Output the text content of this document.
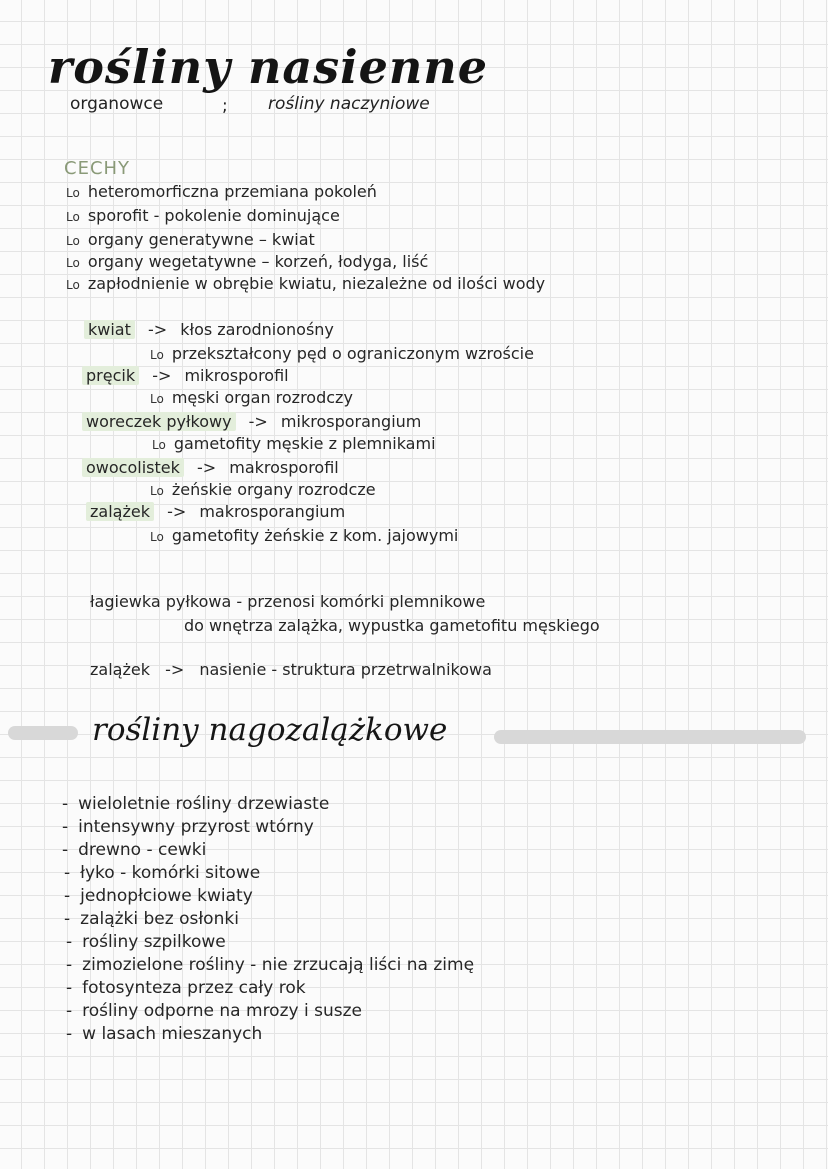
rośliny nasienne
organowce	; rośliny naczyniowe
CECHY
Lo heteromorficzna przemiana pokoleń
Lo sporofit - pokolenie dominujące
Lo organy generatywne – kwiat
Lo organy wegetatywne – korzeń, łodyga, liść
Lo zapłodnienie w obrębie kwiatu, niezależne od ilości wody
kwiat -> kłos zarodnionośny
Lo przekształcony pęd o ograniczonym wzroście
pręcik -> mikrosporofil
Lo męski organ rozrodczy
woreczek pyłkowy -> mikrosporangium
Lo gametofity męskie z plemnikami
owocolistek -> makrosporofil
Lo żeńskie organy rozrodcze
zalążek -> makrosporangium
Lo gametofity żeńskie z kom. jajowymi
łagiewka pyłkowa - przenosi komórki plemnikowe
do wnętrza zalążka, wypustka gametofitu męskiego
zalążek -> nasienie - struktura przetrwalnikowa
rośliny nagozalążkowe
- wieloletnie rośliny drzewiaste
- intensywny przyrost wtórny
- drewno - cewki
- łyko - komórki sitowe
- jednopłciowe kwiaty
- zalążki bez osłonki
- rośliny szpilkowe
- zimozielone rośliny - nie zrzucają liści na zimę
- fotosynteza przez cały rok
- rośliny odporne na mrozy i susze
- w lasach mieszanych
